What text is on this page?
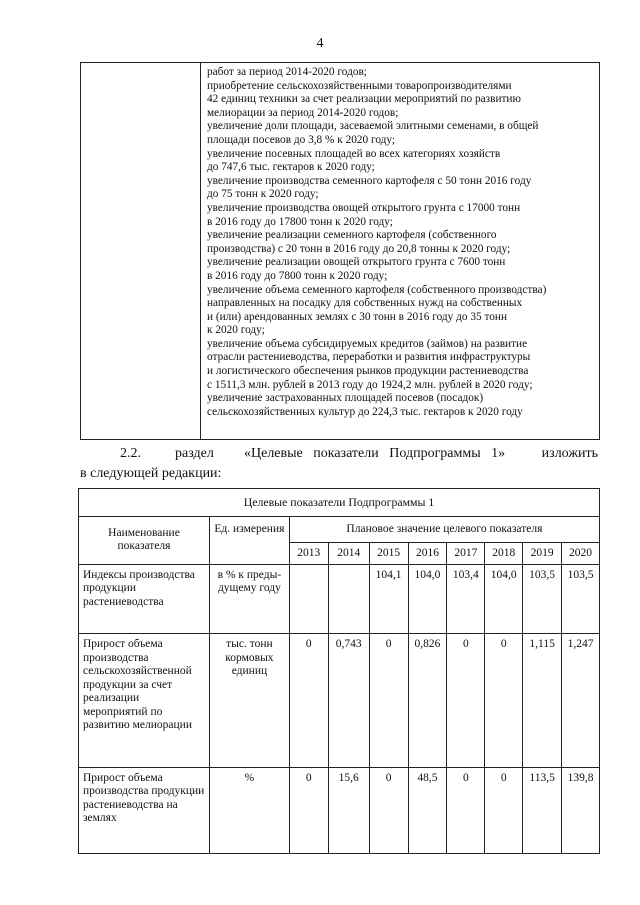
4

работ за период 2014-2020 годов;
приобретение сельскохозяйственными товаропроизводителями
42 единиц техники за счет реализации мероприятий по развитию
мелиорации за период 2014-2020 годов;
увеличение доли площади, засеваемой элитными семенами, в общей
площади посевов до 3,8 % к 2020 году;
увеличение посевных площадей во всех категориях хозяйств
до 747,6 тыс. гектаров к 2020 году;
увеличение производства семенного картофеля с 50 тонн 2016 году
до 75 тонн к 2020 году;
увеличение производства овощей открытого грунта с 17000 тонн
в 2016 году до 17800 тонн к 2020 году;
увеличение реализации семенного картофеля (собственного
производства) с 20 тонн в 2016 году до 20,8 тонны к 2020 году;
увеличение реализации овощей открытого грунта с 7600 тонн
в 2016 году до 7800 тонн к 2020 году;
увеличение объема семенного картофеля (собственного производства)
направленных на посадку для собственных нужд на собственных
и (или) арендованных землях с 30 тонн в 2016 году до 35 тонн
к 2020 году;
увеличение объема субсидируемых кредитов (займов) на развитие
отрасли растениеводства, переработки и развития инфраструктуры
и логистического обеспечения рынков продукции растениеводства
с 1511,3 млн. рублей в 2013 году до 1924,2 млн. рублей в 2020 году;
увеличение застрахованных площадей посевов (посадок)
сельскохозяйственных культур до 224,3 тыс. гектаров к 2020 году
2.2. раздел «Целевые показатели Подпрограммы 1»	изложить
в следующей редакции:
Целевые показатели Подпрограммы 1									
Наименование показателя	Ед. измерения	Плановое значение целевого показателя							
		2013	2014	2015	2016	2017	2018	2019	2020
Индексы производства продукции растениеводства	в % к преды-дущему году			104,1	104,0	103,4	104,0	103,5	103,5
Прирост объема производства сельскохозяйственной продукции за счет реализации мероприятий по развитию мелиорации	тыс. тонн кормовых единиц	0	0,743	0	0,826	0	0	1,115	1,247
Прирост объема производства продукции растениеводства на землях	%	0	15,6	0	48,5	0	0	113,5	139,8
